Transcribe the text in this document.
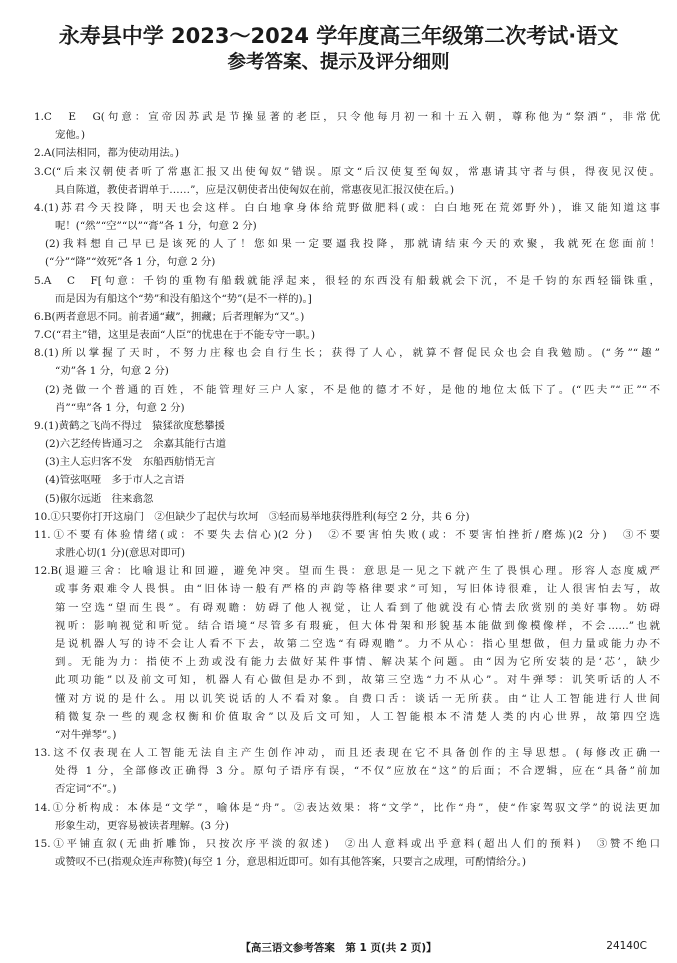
永寿县中学 2023～2024 学年度高三年级第二次考试·语文
参考答案、提示及评分细则
1.C　E　G(句意：宣帝因苏武是节操显著的老臣，只令他每月初一和十五入朝，尊称他为“祭酒”，非常优
宠他。)
2.A(同法相同，都为使动用法。)
3.C(“后来汉朝使者听了常惠汇报又出使匈奴”错误。原文“后汉使复至匈奴，常惠请其守者与俱，得夜见汉使。
具自陈道，教使者谓单于……”，应是汉朝使者出使匈奴在前，常惠夜见汇报汉使在后。)
4.(1)苏君今天投降，明天也会这样。白白地拿身体给荒野做肥料(或：白白地死在荒郊野外)，谁又能知道这事
呢！(“然”“空”“以”“膏”各 1 分，句意 2 分)
(2)我料想自己早已是该死的人了！您如果一定要逼我投降，那就请结束今天的欢聚，我就死在您面前！
(“分”“降”“效死”各 1 分，句意 2 分)
5.A　C　F[句意：千钧的重物有船载就能浮起来，很轻的东西没有船载就会下沉，不是千钧的东西轻锱铢重，
而是因为有船这个“势”和没有船这个“势”(是不一样的)。]
6.B(两者意思不同。前者通“藏”，拥藏；后者理解为“又”。)
7.C(“君主”错，这里是表面“人臣”的忧患在于不能专守一职。)
8.(1)所以掌握了天时，不努力庄稼也会自行生长；获得了人心，就算不督促民众也会自我勉励。(“务”“趣”
“劝”各 1 分，句意 2 分)
(2)尧做一个普通的百姓，不能管理好三户人家，不是他的德才不好，是他的地位太低下了。(“匹夫”“正”“不
肖”“卑”各 1 分，句意 2 分)
9.(1)黄鹤之飞尚不得过　猿猱欲度愁攀援
(2)六艺经传皆通习之　余嘉其能行古道
(3)主人忘归客不发　东船西舫悄无言
(4)管弦呕哑　多于市人之言语
(5)俶尔远逝　往来翕忽
10.①只要你打开这扇门　②但缺少了起伏与坎坷　③轻而易举地获得胜利(每空 2 分，共 6 分)
11.①不要有体验情绪(或：不要失去信心)(2 分)　②不要害怕失败(或：不要害怕挫折/磨炼)(2 分)　③不要
求胜心切(1 分)(意思对即可)
12.B(退避三舍：比喻退让和回避，避免冲突。望而生畏：意思是一见之下就产生了畏惧心理。形容人态度威严
或事务艰难令人畏惧。由“旧体诗一般有严格的声韵等格律要求”可知，写旧体诗很难，让人很害怕去写，故
第一空选“望而生畏”。有碍观瞻：妨碍了他人视觉，让人看到了他就没有心情去欣赏别的美好事物。妨碍
视听：影响视觉和听觉。结合语境“尽管多有瑕疵，但大体骨架和形貌基本能做到像模像样，不会……”也就
是说机器人写的诗不会让人看不下去，故第二空选“有碍观瞻”。力不从心：指心里想做，但力量或能力办不
到。无能为力：指使不上劲或没有能力去做好某件事情、解决某个问题。由“因为它所安装的是‘芯’，缺少
此项功能”以及前文可知，机器人有心做但是办不到，故第三空选“力不从心”。对牛弹琴：讥笑听话的人不
懂对方说的是什么。用以讥笑说话的人不看对象。自费口舌：谈话一无所获。由“让人工智能进行人世间
稍微复杂一些的观念权衡和价值取舍”以及后文可知，人工智能根本不清楚人类的内心世界，故第四空选
“对牛弹琴”。)
13.这不仅表现在人工智能无法自主产生创作冲动，而且还表现在它不具备创作的主导思想。(每修改正确一
处得 1 分，全部修改正确得 3 分。原句子语序有误，“不仅”应放在“这”的后面；不合逻辑，应在“具备”前加
否定词“不”。)
14.①分析构成：本体是“文学”，喻体是“舟”。②表达效果：将“文学”，比作“舟”，使“作家驾驭文学”的说法更加
形象生动，更容易被读者理解。(3 分)
15.①平铺直叙(无曲折雕饰，只按次序平淡的叙述)　②出人意料或出乎意料(超出人们的预料)　③赞不绝口
或赞叹不已(指观众连声称赞)(每空 1 分，意思相近即可。如有其他答案，只要言之成理，可酌情给分。)
【高三语文参考答案　第 1 页(共 2 页)】	24140C
